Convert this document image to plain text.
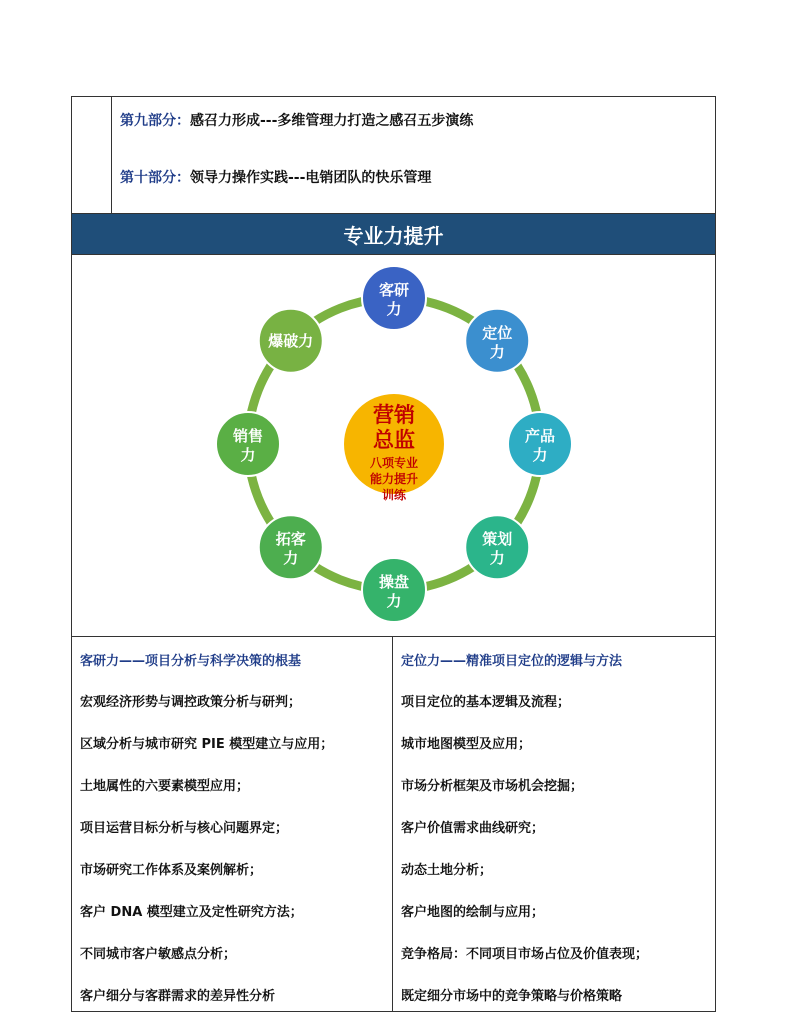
第九部分：感召力形成---多维管理力打造之感召五步演练
第十部分：领导力操作实践---电销团队的快乐管理
专业力提升
客研
力
定位
力
产品
力
策划
力
操盘
力
拓客
力
销售
力
爆破力
营销
总监
八项专业
能力提升
训练
客研力——项目分析与科学决策的根基
宏观经济形势与调控政策分析与研判；
区域分析与城市研究 PIE 模型建立与应用；
土地属性的六要素模型应用；
项目运营目标分析与核心问题界定；
市场研究工作体系及案例解析；
客户 DNA 模型建立及定性研究方法；
不同城市客户敏感点分析；
客户细分与客群需求的差异性分析
定位力——精准项目定位的逻辑与方法
项目定位的基本逻辑及流程；
城市地图模型及应用；
市场分析框架及市场机会挖掘；
客户价值需求曲线研究；
动态土地分析；
客户地图的绘制与应用；
竞争格局：不同项目市场占位及价值表现；
既定细分市场中的竞争策略与价格策略
